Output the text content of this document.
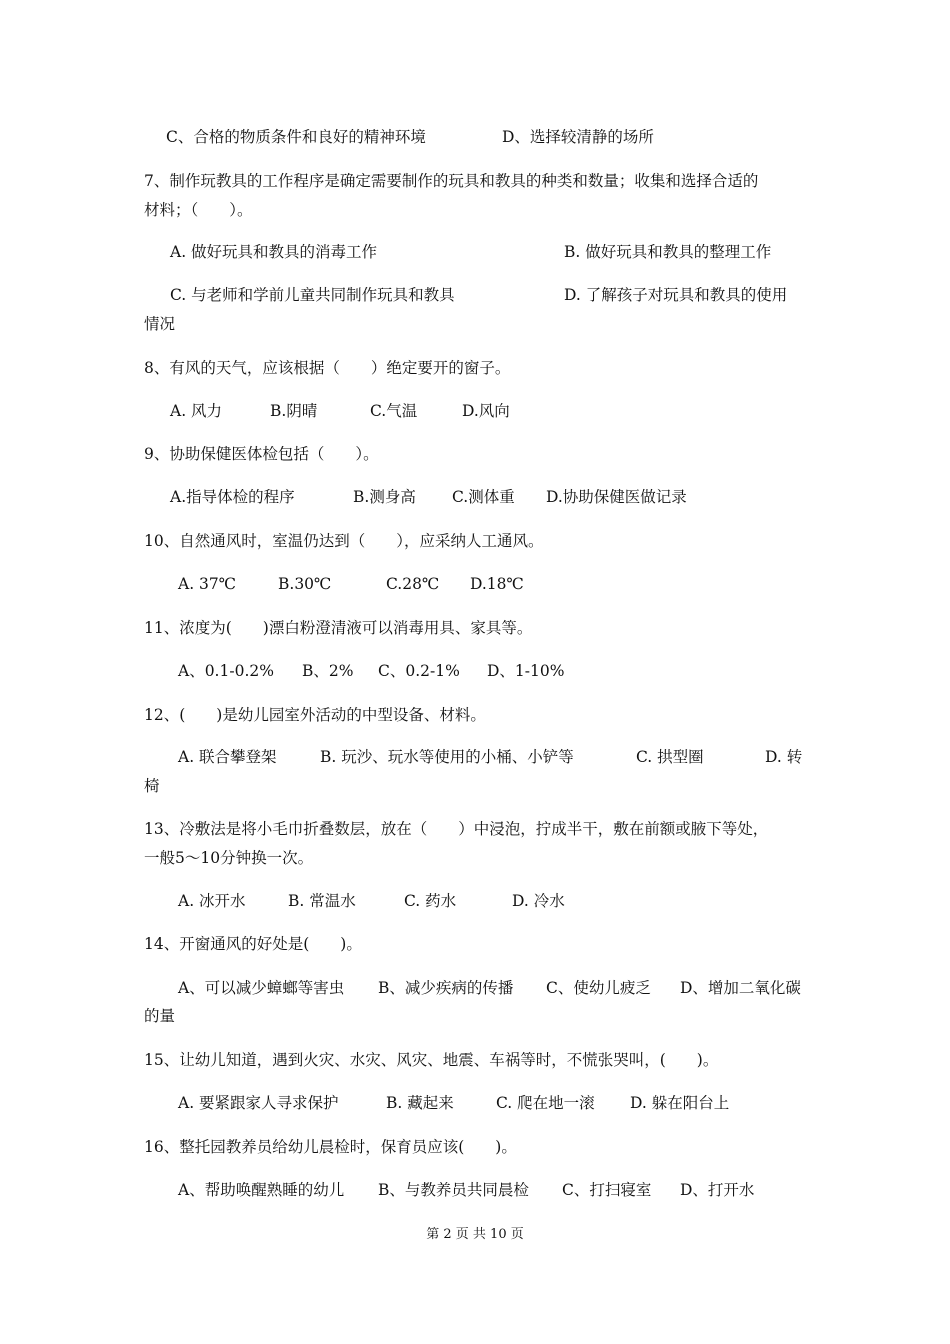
C、合格的物质条件和良好的精神环境	D、选择较清静的场所
7、制作玩教具的工作程序是确定需要制作的玩具和教具的种类和数量；收集和选择合适的
材料；（　　）。
A. 做好玩具和教具的消毒工作	B. 做好玩具和教具的整理工作
C. 与老师和学前儿童共同制作玩具和教具	D. 了解孩子对玩具和教具的使用
情况
8、有风的天气，应该根据（　　）绝定要开的窗子。
A. 风力	B.阴晴	C.气温	D.风向
9、协助保健医体检包括（　　）。
A.指导体检的程序	B.测身高 C.测体重 D.协助保健医做记录
10、自然通风时，室温仍达到（　　），应采纳人工通风。
A. 37℃	B.30℃	C.28℃ D.18℃
11、浓度为(　　)漂白粉澄清液可以消毒用具、家具等。
A、0.1-0.2% B、2% C、0.2-1% D、1-10%
12、(　　)是幼儿园室外活动的中型设备、材料。
A. 联合攀登架	B. 玩沙、玩水等使用的小桶、小铲等	C. 拱型圈	D. 转
椅
13、冷敷法是将小毛巾折叠数层，放在（　　）中浸泡，拧成半干，敷在前额或腋下等处，
一般5～10分钟换一次。
A. 冰开水	B. 常温水	C. 药水	D. 冷水
14、开窗通风的好处是(　　)。
A、可以减少蟑螂等害虫 B、减少疾病的传播 C、使幼儿疲乏 D、增加二氧化碳
的量
15、让幼儿知道，遇到火灾、水灾、风灾、地震、车祸等时，不慌张哭叫，(　　)。
A. 要紧跟家人寻求保护	B. 藏起来	C. 爬在地一滚 D. 躲在阳台上
16、整托园教养员给幼儿晨检时，保育员应该(　　)。
A、帮助唤醒熟睡的幼儿 B、与教养员共同晨检 C、打扫寝室 D、打开水
第 2 页 共 10 页
